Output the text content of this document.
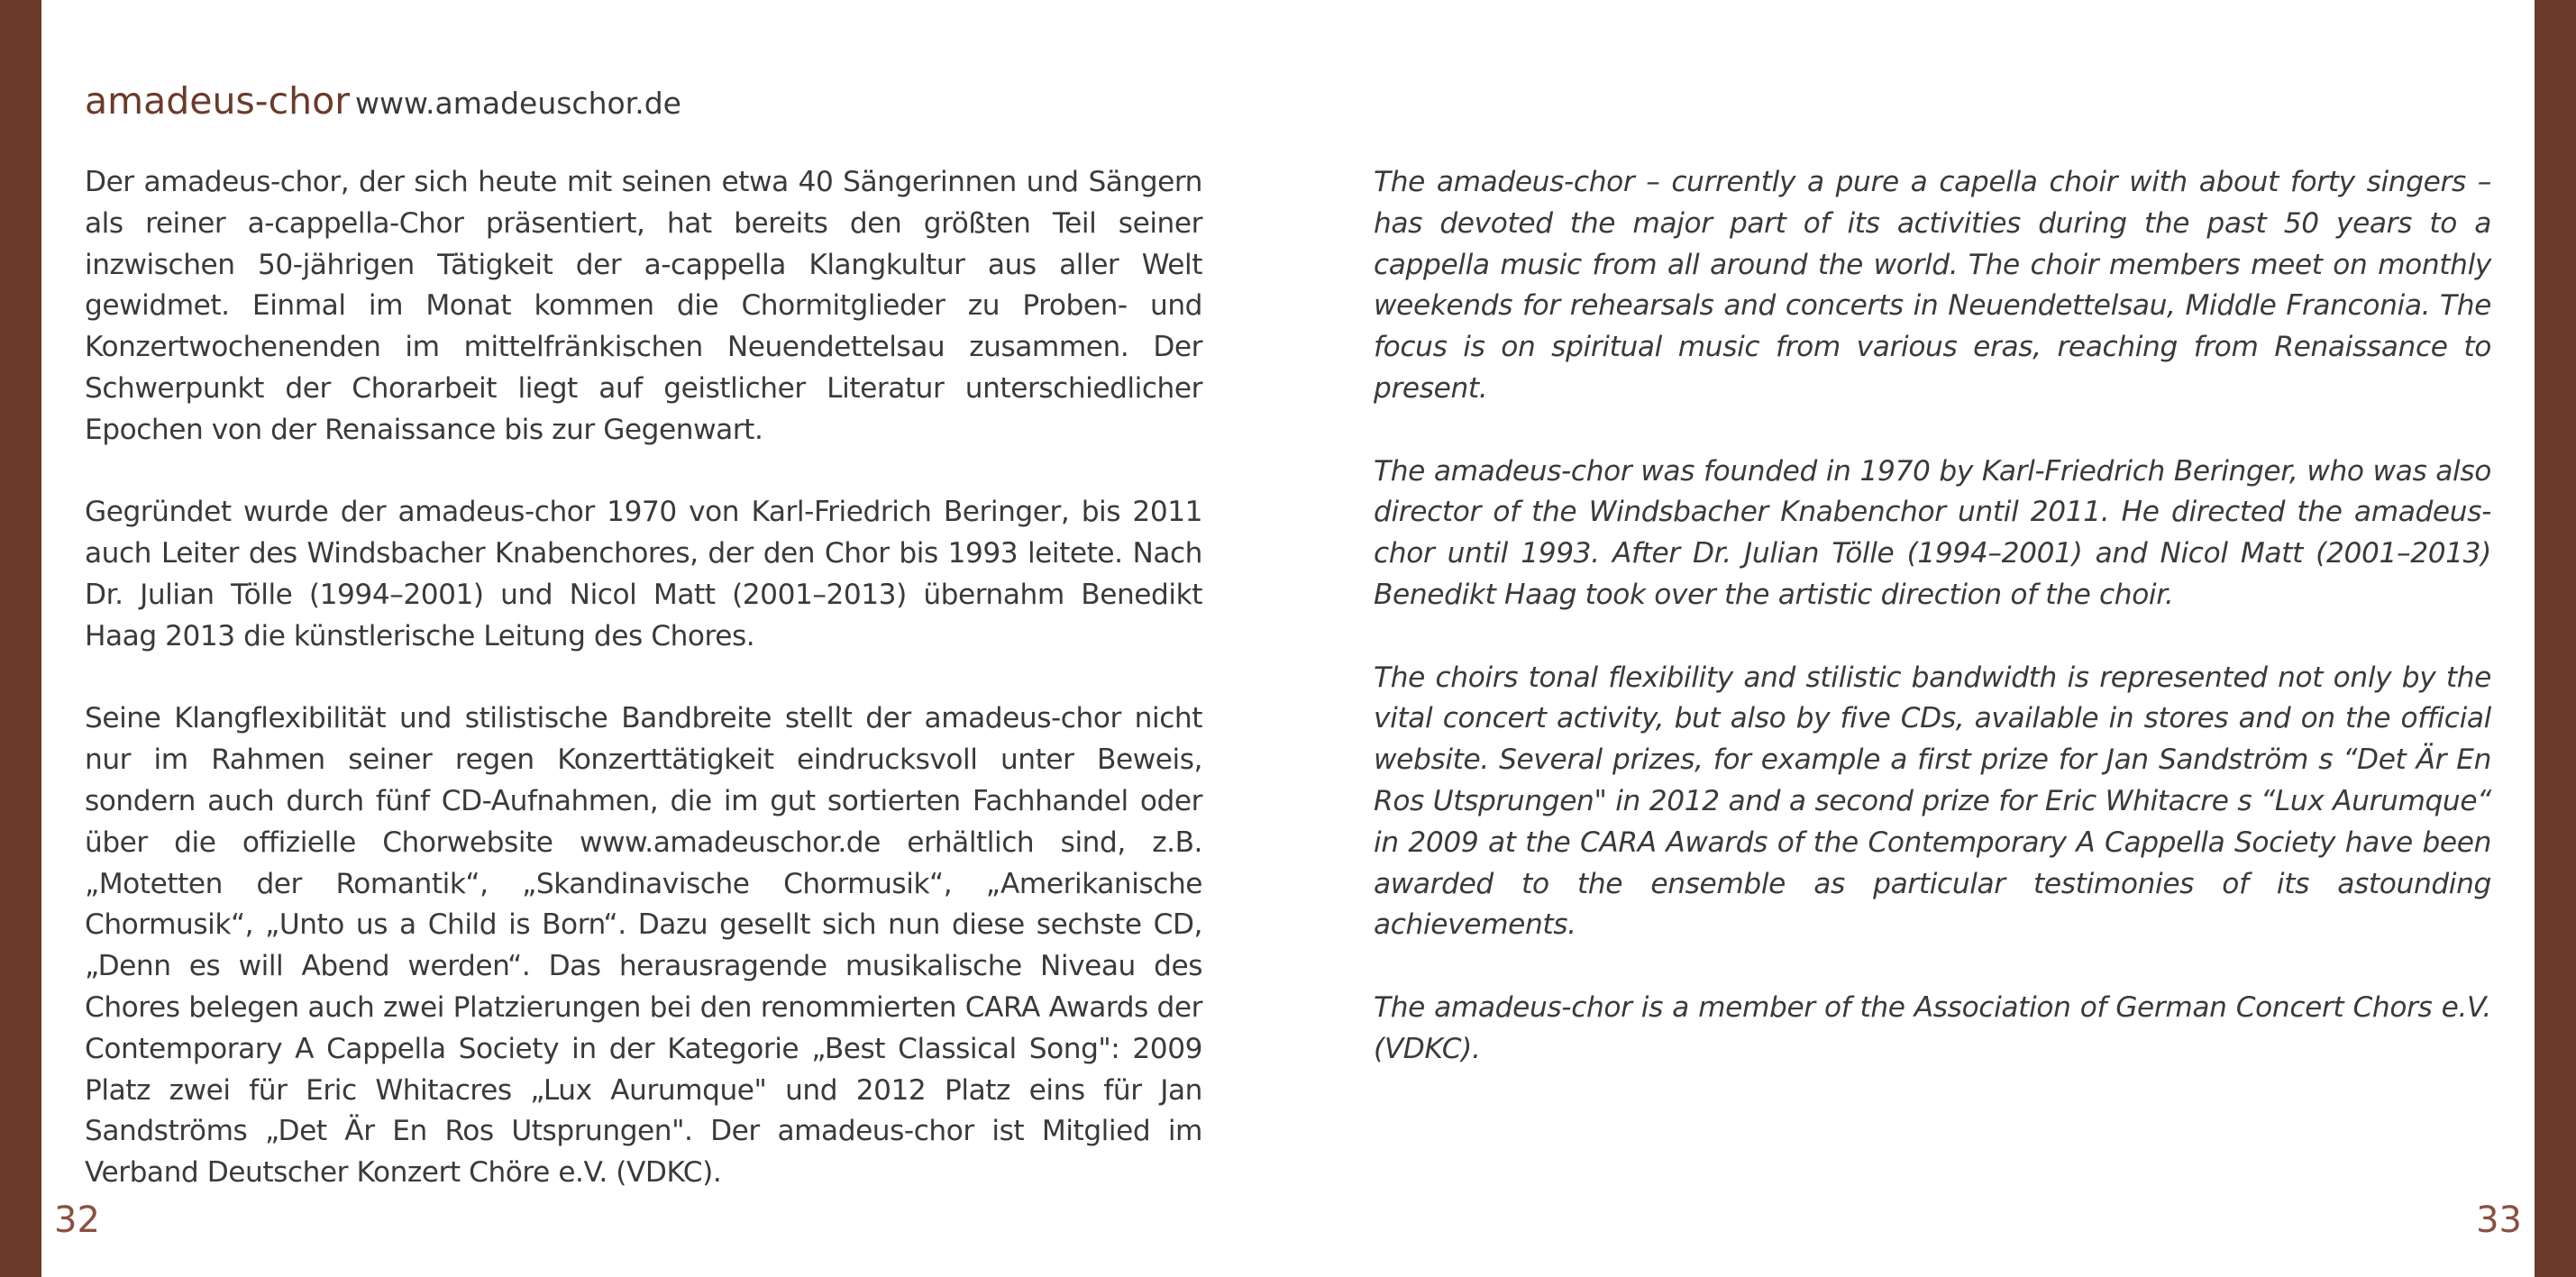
amadeus-chor www.amadeuschor.de

Der amadeus-chor, der sich heute mit seinen etwa 40 Sängerinnen und Sängern als reiner a-cappella-Chor präsentiert, hat bereits den größten Teil seiner inzwischen 50-jährigen Tätigkeit der a-cappella Klangkultur aus aller Welt gewidmet. Einmal im Monat kommen die Chormitglieder zu Proben- und Konzertwochenenden im mittelfränkischen Neuendettelsau zusammen. Der Schwerpunkt der Chorarbeit liegt auf geistlicher Literatur unterschiedlicher Epochen von der Renaissance bis zur Gegenwart.

Gegründet wurde der amadeus-chor 1970 von Karl-Friedrich Beringer, bis 2011 auch Leiter des Windsbacher Knabenchores, der den Chor bis 1993 leitete. Nach Dr. Julian Tölle (1994–2001) und Nicol Matt (2001–2013) übernahm Benedikt Haag 2013 die künstlerische Leitung des Chores.

Seine Klangflexibilität und stilistische Bandbreite stellt der amadeus-chor nicht nur im Rahmen seiner regen Konzerttätigkeit eindrucksvoll unter Beweis, sondern auch durch fünf CD-Aufnahmen, die im gut sortierten Fachhandel oder über die offizielle Chorwebsite www.amadeuschor.de erhältlich sind, z.B. „Motetten der Romantik“, „Skandinavische Chormusik“, „Amerikanische Chormusik“, „Unto us a Child is Born“. Dazu gesellt sich nun diese sechste CD, „Denn es will Abend werden“. Das herausragende musikalische Niveau des Chores belegen auch zwei Platzierungen bei den renommierten CARA Awards der Contemporary A Cappella Society in der Kategorie „Best Classical Song": 2009 Platz zwei für Eric Whitacres „Lux Aurumque" und 2012 Platz eins für Jan Sandströms „Det Är En Ros Utsprungen". Der amadeus-chor ist Mitglied im Verband Deutscher Konzert Chöre e.V. (VDKC).

32

The amadeus-chor – currently a pure a capella choir with about forty singers – has devoted the major part of its activities during the past 50 years to a cappella music from all around the world. The choir members meet on monthly weekends for rehearsals and concerts in Neuendettelsau, Middle Franconia. The focus is on spiritual music from various eras, reaching from Renaissance to present.

The amadeus-chor was founded in 1970 by Karl-Friedrich Beringer, who was also director of the Windsbacher Knabenchor until 2011. He directed the amadeus-chor until 1993. After Dr. Julian Tölle (1994–2001) and Nicol Matt (2001–2013) Benedikt Haag took over the artistic direction of the choir.

The choirs tonal flexibility and stilistic bandwidth is represented not only by the vital concert activity, but also by five CDs, available in stores and on the official website. Several prizes, for example a first prize for Jan Sandström s “Det Är En Ros Utsprungen" in 2012 and a second prize for Eric Whitacre s “Lux Aurumque“ in 2009 at the CARA Awards of the Contemporary A Cappella Society have been awarded to the ensemble as particular testimonies of its astounding achievements.

The amadeus-chor is a member of the Association of German Concert Chors e.V. (VDKC).

33
